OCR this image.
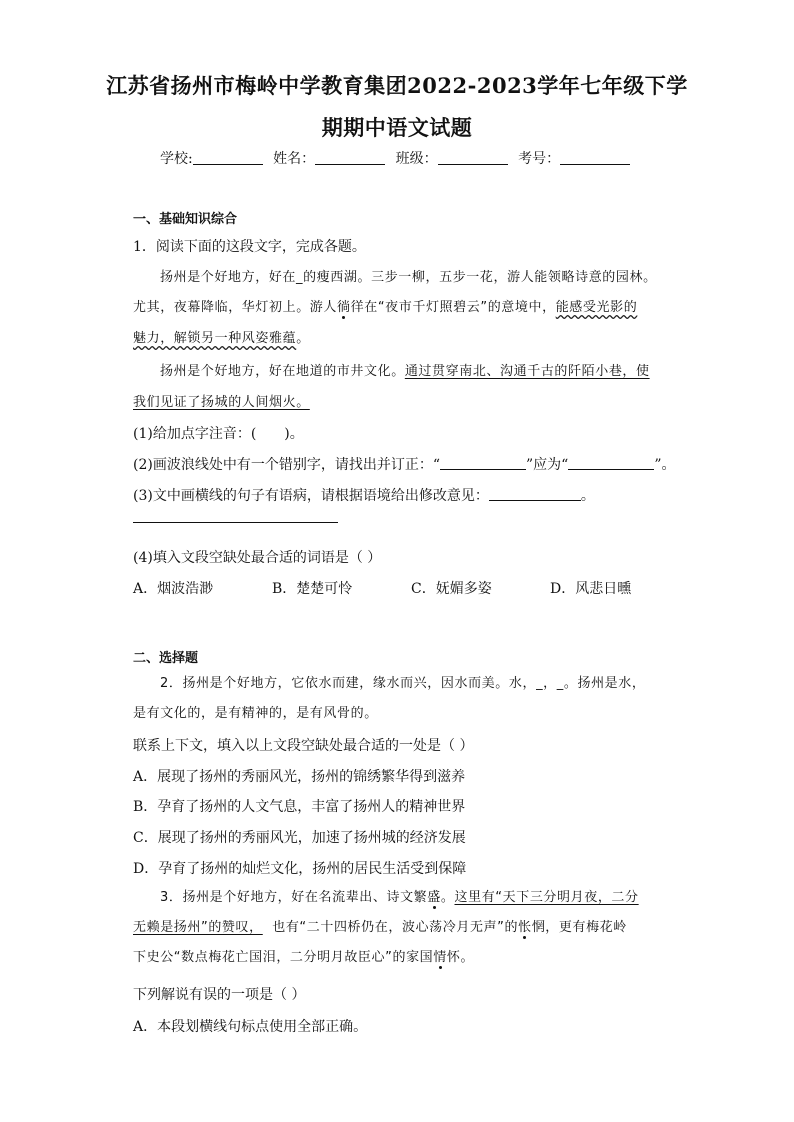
江苏省扬州市梅岭中学教育集团2022-2023学年七年级下学
期期中语文试题
学校:	姓名：	班级：	考号：
一、基础知识综合
1．阅读下面的这段文字，完成各题。
扬州是个好地方，好在_的瘦西湖。三步一柳，五步一花，游人能领略诗意的园林。
尤其，夜幕降临，华灯初上。游人徜徉在“夜市千灯照碧云”的意境中，能感受光影的
魅力，解锁另一种风姿雅蕴。
扬州是个好地方，好在地道的市井文化。通过贯穿南北、沟通千古的阡陌小巷，使
我们见证了扬城的人间烟火。
(1)给加点字注音：(　　)。
(2)画波浪线处中有一个错别字，请找出并订正：“	”应为“	”。
(3)文中画横线的句子有语病，请根据语境给出修改意见：	。
(4)填入文段空缺处最合适的词语是（ ）
A．烟波浩渺	B．楚楚可怜	C．妩媚多姿	D．风悲日曛
二、选择题
2．扬州是个好地方，它依水而建，缘水而兴，因水而美。水，_，_。扬州是水，
是有文化的，是有精神的，是有风骨的。
联系上下文，填入以上文段空缺处最合适的一处是（ ）
A．展现了扬州的秀丽风光，扬州的锦绣繁华得到滋养
B．孕育了扬州的人文气息，丰富了扬州人的精神世界
C．展现了扬州的秀丽风光，加速了扬州城的经济发展
D．孕育了扬州的灿烂文化，扬州的居民生活受到保障
3．扬州是个好地方，好在名流辈出、诗文繁盛。这里有“天下三分明月夜，二分
无赖是扬州”的赞叹， 也有“二十四桥仍在，波心荡冷月无声”的怅惘，更有梅花岭
下史公“数点梅花亡国泪，二分明月故臣心”的家国情怀。
下列解说有误的一项是（ ）
A．本段划横线句标点使用全部正确。
